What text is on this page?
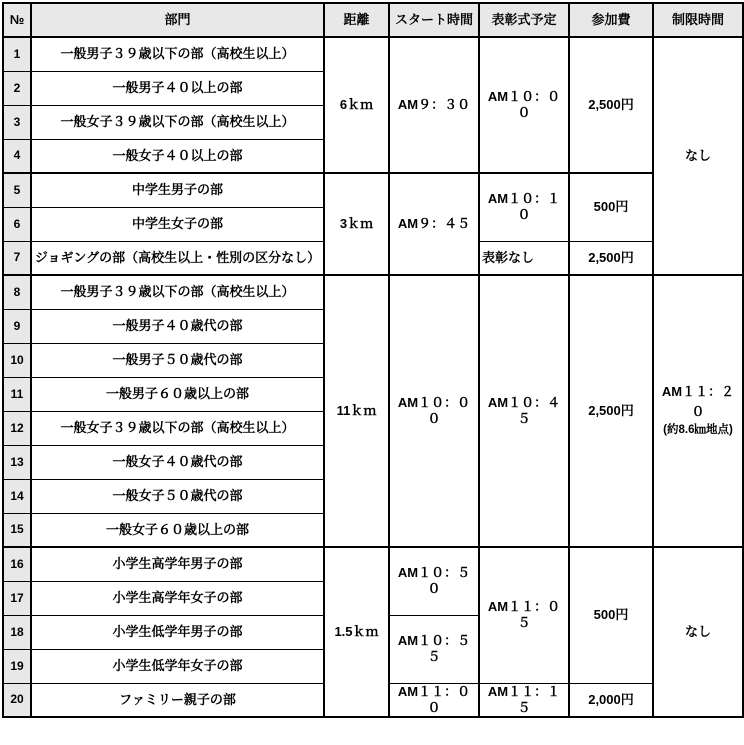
№	部門	距離	スタート時間	表彰式予定	参加費	制限時間
1	一般男子３９歳以下の部（高校生以上）	6ｋｍ	AM９：３０	AM１０：００	2,500円	なし
2	一般男子４０以上の部					
3	一般女子３９歳以下の部（高校生以上）					
4	一般女子４０以上の部					
5	中学生男子の部	3ｋｍ	AM９：４５	AM１０：１０	500円	
6	中学生女子の部					
7	ジョギングの部（高校生以上・性別の区分なし）			表彰なし	2,500円	
8	一般男子３９歳以下の部（高校生以上）	11ｋｍ	AM１０：００	AM１０：４５	2,500円	AM１１：２０
(約8.6㎞地点)

9	一般男子４０歳代の部					
10	一般男子５０歳代の部					
11	一般男子６０歳以上の部					
12	一般女子３９歳以下の部（高校生以上）					
13	一般女子４０歳代の部					
14	一般女子５０歳代の部					
15	一般女子６０歳以上の部					
16	小学生高学年男子の部	1.5ｋｍ	AM１０：５０	AM１１：０５	500円	なし
17	小学生高学年女子の部					
18	小学生低学年男子の部		AM１０：５５			
19	小学生低学年女子の部					
20	ファミリー親子の部		AM１１：００	AM１１：１５	2,000円	
